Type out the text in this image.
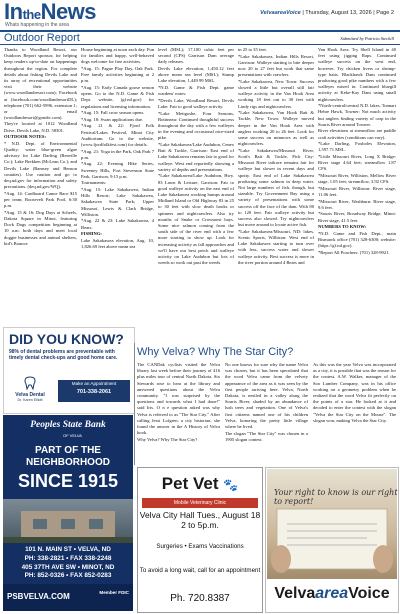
IntheNews
Whats happening in the area
VelvaareaVoice | Thursday, August 13, 2026 | Page 2
Outdoor Report	Submitted by Patricia Steckill

Thanks to Woodland Resort, our Outdoors Report sponsor, for helping keep readers up-to-date on happenings throughout the region. For complete details about fishing Devils Lake and its array of recreational opportunities visit their website (www.woodlandresort.com); Facebook at (facebook.com/woodlandresortDL); telephone (701) 662-5996, extension 1; or email (woodlandresort@gondtc.com). They're located at 1012 Woodland Drive, Devils Lake, N.D. 58301.

OUTDOOR NOTES:

* N.D. Dept. of Environmental Quality: water blue-green algae advisory for Lake Darling (Renville Co.); Lake Brekken (McLean Co.); and Devils Lake (Ramsey and Benson counties). Use caution and go to deq.nd.gov for information and safety precautions. (deq.nd.gov/WQ).

*Aug. 14: Cardboard Canoe Race $15 per team; Roosevelt Park Pool, 6:30 p.m.

*Aug. 15 & 16: Dog Days at Scheels, Dakota Square in Minot, featuring Dock Dogs competition beginning at 10 a.m. both days and meet local doggie businesses and animal shelters, kid's Bounce

House beginning at noon each day. Fun for families and happy, well-behaved dogs welcome for free activities.

*Aug. 15: Pague Play Day, Oak Park. Free family activities beginning at 2 p.m.

*Aug. 15: Early Canada goose season opens. Go to the N.D. Game & Fish Dept. website, (gf.nd.gov) for regulations and licensing information.

*Aug. 15: Fall crow season opens.

*Aug. 18: Swan applications due.

*Aug. 21 & 22: Fjord Folk Festival/Lakes Festival, Minot City Auditorium. Go to the website, (www.fjordfolkfest.com) for details.

*Aug. 21: Yoga in the Park, Oak Park 7 p.m.

*Aug. 22: Evening Hike Series, Sweeney Hills, Fort Stevenson State Park, Garrison, 9:15 p.m.

Tournaments:

*Aug. 15: Lake Sakakawea, Indian Hills Resort; Lake Sakakawea, Sakakawea State Park; Upper Missouri, Lewis & Clark Bridge, Williston.

*Aug. 22 & 23: Lake Sakakawea, 4 Bears.

FISHING:

Lake Sakakawea elevation, Aug. 10, 1,826.69 feet above mean sea

level (MSL); 17,100 cubic feet per second (CFS) Garrison Dam average daily releases.

Devils Lake elevation, 1,450.12 feet above mean sea level (MSL); Stump Lake elevation, 1,449.99 MSL.

*N.D. Game & Fish Dept. game wardens' notes:

*Devils Lake, Woodland Resort, Devils Lake: Fair to good walleye activity.

*Lake Metigoshe, Four Seasons, Bottineau: Continued thoughtful success throughout the day with a few walleyes in the evening and occasional nice-sized pike.

*Lake Sakakawea/Lake Audubon, Cenex Bait & Tackle, Garrison: East end of Lake Sakakawea remains fair to good for walleye. West end reportedly showing a variety of depths and presentations.

*Lake Sakakawea/Lake Audubon, Hwy. 83 Lawn & Leisure, Garrison: Fair to good walleye activity on the east end of Lake Sakakawea working humps around Midland Island or Old Highway 83 in 25 to 30 feet with slow death hooks or spinners and nightcrawlers. Also try mouths of Snake or Crowsnest bays. Some nice salmon coming from the south side of the river end with a few more starting to show up. Look for increasing activity as fall approaches and we'll have our best perch and walleye activity on Lake Audubon but lots of weeds so work out past the weeds

in 25 to 35 feet.

*Lake Sakakawea, Indian Hills Resort, Garrison: Walleye starting to bite deeper now 20 to 27 feet but work that same presentations with crawlers.

*Lake Sakakawea, New Town: Success slowed a little but overall still fair walleye activity in the Van Hook Area working 18 feet out to 30 feet with Lindy rigs and nightcrawlers.

*Lake Sakakawea, Van Hook Bait & Tackle, New Town: Walleye moved deeper in the Van Hook Area with anglers working 20 to 26 feet. Look for some success on minnows as well as nightcrawlers.

*Lake Sakakawea/Missouri River, Scott's Bait & Tackle, Pick City: Missouri River tailrace remains fair for walleye but slower in recent days and spotty. East end of Lake Sakakawea producing some salmon in deep water. Not large numbers of fish, though, but sizeable. Try Government Bay using a variety of presentations with some success off the face of the dam. With 80 to 120 feet. Fair walleye activity but success also slowed. Try nightcrawlers but move around to locate active fish.

*Lake Sakakawea/Missouri, ND: lakes, Scenic Sports, Williston: West end of Lake Sakakawea starting to turn over with less, success water and slower walleye activity. Best success is more in the river portion around 4 Bears and

Van Hook Area. Try Shell Island in 40 feet using jigging Raps. Continued walleye success on the west end, however. Try chicken livers or shrimp-type baits. Blackhawk Dam continued producing good pike numbers with a few walleyes mixed in. Continued bluegill activity at Keke-Kay Dam using small nightcrawlers.

*North-central/central N.D. lakes, Tonnart Hebre Hawk, Towner: Not much activity but anglers finding variety of carp in the Souris River around Towner.

River elevations at streamflow are paddle craft activities (conditions can vary).

*Lake Darling, Foxholes Elevation, 1,597.71 MSL.

*Little Missouri River, Long X Bridge: River stage 4.64 feet; streamflow 1.87 CFS.

*Missouri River, Williston, Mellow River stage, 1.05 feet; streamflow, 3.92 CFS.

*Missouri River, Williston: River stage, 11.06 feet.

*Missouri River, Washburn: River stage, 9.6 feet.

*Souris River, Broadway Bridge, Minot: River stage, 41.5 feet.

NUMBERS TO KNOW:

*N.D. Game and Fish Dept., main Bismarck office (701) 328-6300; website: (https://gf.nd.gov).

*Report All Poachers: (701) 328-9921.

DID YOU KNOW?
98% of dental problems are preventable with timely dental check-ups and good home care.
Velva Dental
Dr. Karen Elliott
Make an Appointment
701-338-2061
Peoples State Bank
OF VELVA
PART OF THE NEIGHBORHOOD
SINCE 1915
101 N. MAIN ST • VELVA, ND
PH: 338-2821 • FAX 338-2248
405 37TH AVE SW • MINOT, ND
PH: 852-0326 • FAX 852-0283
PSBVELVA.COM	Member FDIC
Why Velva? Why The Star City?

The CANDak cyclists visited the Velva library last week before their journey of 416 plus miles tour of central North Dakota. Six Stewards rose to hear at the library and answered questions about the Velva community. "I was surprised by the questions and towards what I had done!" said Iris. O n e question asked was why Velva is referred to as "The Star City." After calling Jessi Lofgren, a city historian, she found the answer in the A History of Velva book.

Why Velva? Why The Star City?

No one knows for sure why the name Velva was chosen, but it has been speculated that the word Velva came from the velvety appearance of the area as it was seen by the first people arriving here. Velva, North Dakota, is nestled in a valley along the Souris River, shaded by an abundance of lush trees and vegetation. One of Velva's first citizens named one of his children Velva, honoring the pretty little village where he lived.

The slogan "The Star City" was chosen in a 1905 slogan contest.

As this was the year Velva was incorporated as a city, it is possible that was the reason for the contest. A.W. Walker, manager of the Soo Lumber Company, was in his office working on a geometry problem when he realized that the word Velva fit perfectly on the points of a star. He looked at it and decided to enter the contest with the slogan "Velva the Star City on the Mouse". The slogan won, making Velva the Star City.

Pet Vet 🐾
Mobile Veterinary Clinic
Velva City Hall Tues., August 18 2 to 5p.m.
Surgeries • Exams Vaccinations
To avoid a long wait, call for an appointment
Ph. 720.8387
Your right to know is our right to report!
VelvaareaVoice
